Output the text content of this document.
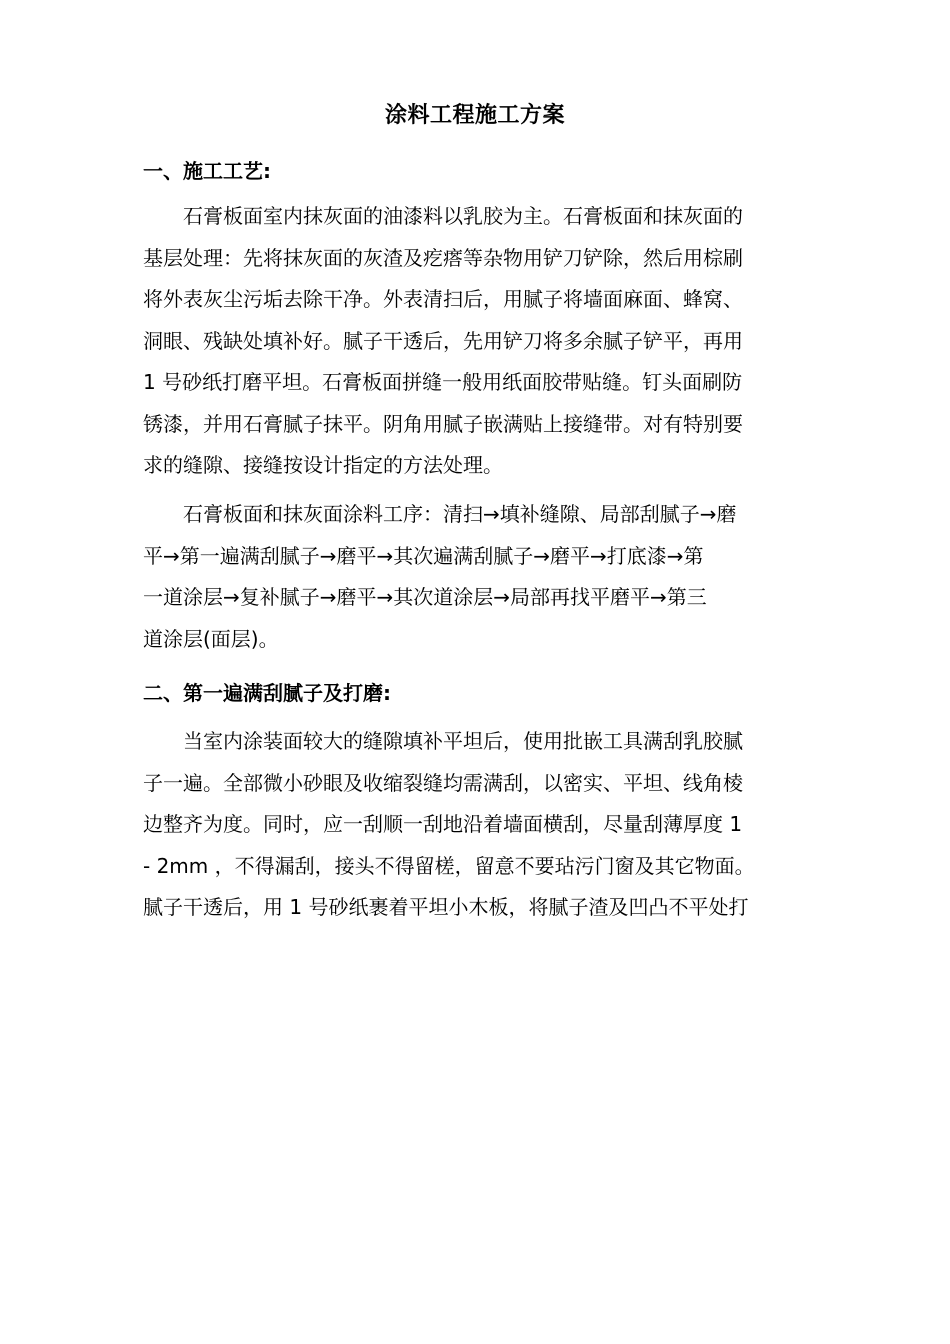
涂料工程施工方案
一、施工工艺:
石膏板面室内抹灰面的油漆料以乳胶为主。石膏板面和抹灰面的
基层处理：先将抹灰面的灰渣及疙瘩等杂物用铲刀铲除，然后用棕刷
将外表灰尘污垢去除干净。外表清扫后，用腻子将墙面麻面、蜂窝、
洞眼、残缺处填补好。腻子干透后，先用铲刀将多余腻子铲平，再用
1 号砂纸打磨平坦。石膏板面拼缝一般用纸面胶带贴缝。钉头面刷防
锈漆，并用石膏腻子抹平。阴角用腻子嵌满贴上接缝带。对有特别要
求的缝隙、接缝按设计指定的方法处理。
石膏板面和抹灰面涂料工序：清扫→填补缝隙、局部刮腻子→磨
平→第一遍满刮腻子→磨平→其次遍满刮腻子→磨平→打底漆→第
一道涂层→复补腻子→磨平→其次道涂层→局部再找平磨平→第三
道涂层(面层)。
二、第一遍满刮腻子及打磨:
当室内涂装面较大的缝隙填补平坦后，使用批嵌工具满刮乳胶腻
子一遍。全部微小砂眼及收缩裂缝均需满刮，以密实、平坦、线角棱
边整齐为度。同时，应一刮顺一刮地沿着墙面横刮，尽量刮薄厚度 1
- 2mm ，不得漏刮，接头不得留槎，留意不要玷污门窗及其它物面。
腻子干透后，用 1 号砂纸裹着平坦小木板，将腻子渣及凹凸不平处打
